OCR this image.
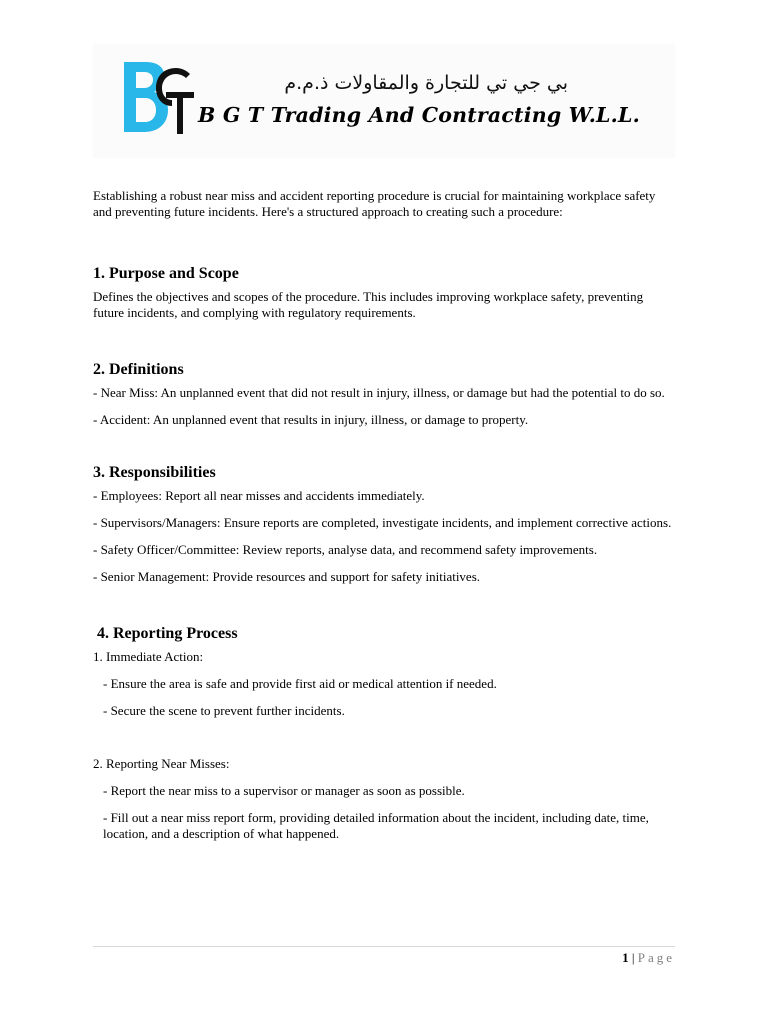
بي جي تي للتجارة والمقاولات ذ.م.م
B G T Trading And Contracting W.L.L.

Establishing a robust near miss and accident reporting procedure is crucial for maintaining workplace safety and preventing future incidents. Here's a structured approach to creating such a procedure:

1. Purpose and Scope

Defines the objectives and scopes of the procedure. This includes improving workplace safety, preventing future incidents, and complying with regulatory requirements.

2. Definitions

- Near Miss: An unplanned event that did not result in injury, illness, or damage but had the potential to do so.

- Accident: An unplanned event that results in injury, illness, or damage to property.

3. Responsibilities

- Employees: Report all near misses and accidents immediately.

- Supervisors/Managers: Ensure reports are completed, investigate incidents, and implement corrective actions.

- Safety Officer/Committee: Review reports, analyse data, and recommend safety improvements.

- Senior Management: Provide resources and support for safety initiatives.

4. Reporting Process

1. Immediate Action:

- Ensure the area is safe and provide first aid or medical attention if needed.

- Secure the scene to prevent further incidents.

2. Reporting Near Misses:

- Report the near miss to a supervisor or manager as soon as possible.

- Fill out a near miss report form, providing detailed information about the incident, including date, time, location, and a description of what happened.

1 | Page
